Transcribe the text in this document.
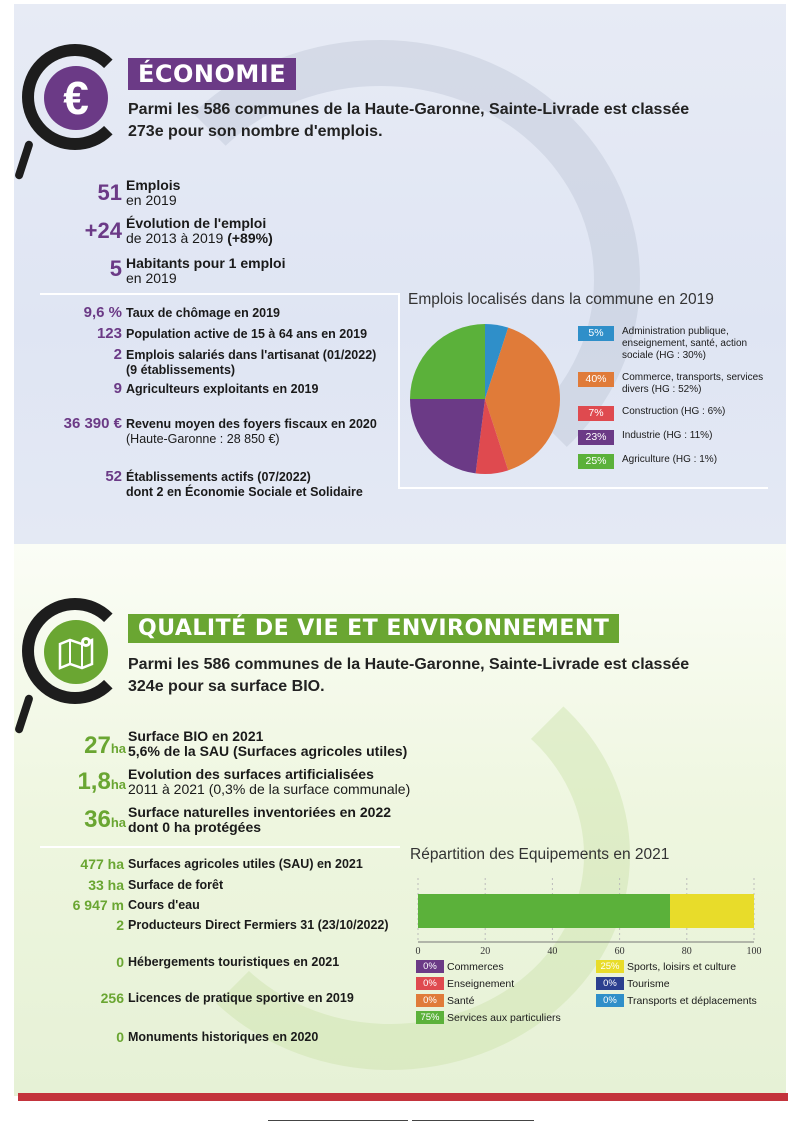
€	ÉCONOMIE
Parmi les 586 communes de la Haute-Garonne, Sainte-Livrade est classée
273e pour son nombre d'emplois.
51 Emplois
en 2019
+24 Évolution de l'emploi
de 2013 à 2019 (+89%)
5 Habitants pour 1 emploi
en 2019
9,6 % Taux de chômage en 2019
123 Population active de 15 à 64 ans en 2019
2 Emplois salariés dans l'artisanat (01/2022)
(9 établissements)
9 Agriculteurs exploitants en 2019
36 390 € Revenu moyen des foyers fiscaux en 2020
(Haute-Garonne : 28 850 €)
52 Établissements actifs (07/2022)
dont 2 en Économie Sociale et Solidaire
Emplois localisés dans la commune en 2019
5%	Administration publique, enseignement, santé, action sociale (HG : 30%)
40%	Commerce, transports, services divers (HG : 52%)
7%	Construction (HG : 6%)
23%	Industrie (HG : 11%)
25%	Agriculture (HG : 1%)
QUALITÉ DE VIE ET ENVIRONNEMENT
Parmi les 586 communes de la Haute-Garonne, Sainte-Livrade est classée
324e pour sa surface BIO.
27ha
Surface BIO en 2021
5,6% de la SAU (Surfaces agricoles utiles)
1,8ha
Evolution des surfaces artificialisées
2011 à 2021 (0,3% de la surface communale)
36ha
Surface naturelles inventoriées en 2022
dont 0 ha protégées
477 ha Surfaces agricoles utiles (SAU) en 2021
33 ha Surface de forêt
6 947 m Cours d'eau
2 Producteurs Direct Fermiers 31 (23/10/2022)
0 Hébergements touristiques en 2021
256 Licences de pratique sportive en 2019
0 Monuments historiques en 2020
Répartition des Equipements en 2021
0	20	40	60	80	100
0% Commerces
0% Enseignement
0% Santé
75% Services aux particuliers
25% Sports, loisirs et culture
0% Tourisme
0% Transports et déplacements
